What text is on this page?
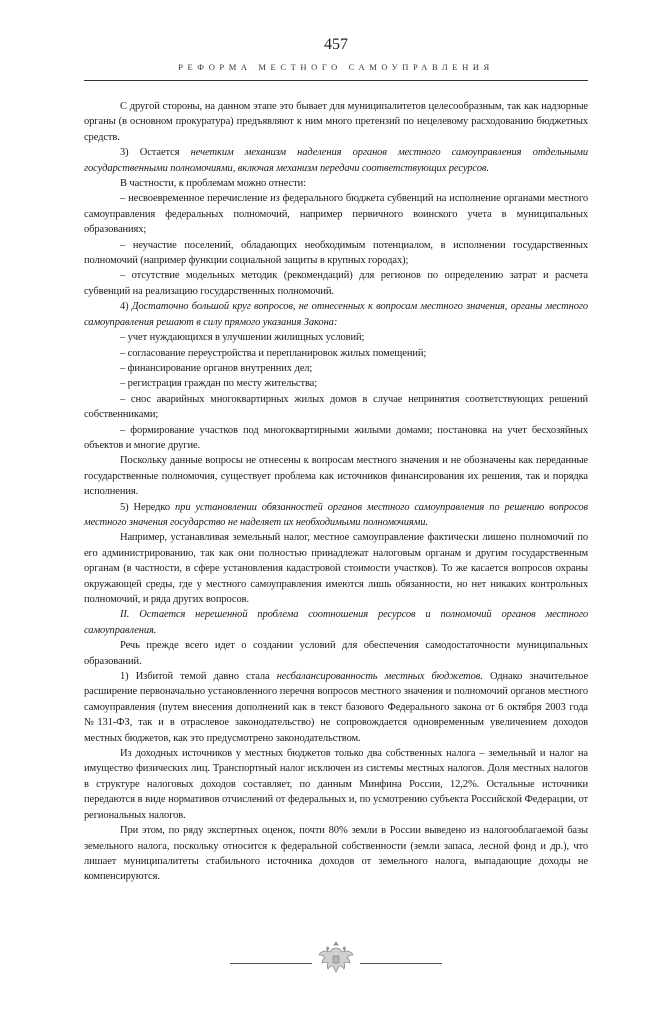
457
РЕФОРМА МЕСТНОГО САМОУПРАВЛЕНИЯ

С другой стороны, на данном этапе это бывает для муниципалитетов целесообразным, так как надзорные органы (в основном прокуратура) предъявляют к ним много претензий по нецелевому расходованию бюджетных средств.

3) Остается нечетким механизм наделения органов местного самоуправления отдельными государственными полномочиями, включая механизм передачи соответствующих ресурсов.

В частности, к проблемам можно отнести:

– несвоевременное перечисление из федерального бюджета субвенций на исполнение органами местного самоуправления федеральных полномочий, например первичного воинского учета в муниципальных образованиях;

– неучастие поселений, обладающих необходимым потенциалом, в исполнении государственных полномочий (например функции социальной защиты в крупных городах);

– отсутствие модельных методик (рекомендаций) для регионов по определению затрат и расчета субвенций на реализацию государственных полномочий.

4) Достаточно большой круг вопросов, не отнесенных к вопросам местного значения, органы местного самоуправления решают в силу прямого указания Закона:

– учет нуждающихся в улучшении жилищных условий;

– согласование переустройства и перепланировок жилых помещений;

– финансирование органов внутренних дел;

– регистрация граждан по месту жительства;

– снос аварийных многоквартирных жилых домов в случае непринятия соответствующих решений собственниками;

– формирование участков под многоквартирными жилыми домами; постановка на учет бесхозяйных объектов и многие другие.

Поскольку данные вопросы не отнесены к вопросам местного значения и не обозначены как переданные государственные полномочия, существует проблема как источников финансирования их решения, так и порядка исполнения.

5) Нередко при установлении обязанностей органов местного самоуправления по решению вопросов местного значения государство не наделяет их необходимыми полномочиями.

Например, устанавливая земельный налог, местное самоуправление фактически лишено полномочий по его администрированию, так как они полностью принадлежат налоговым органам и другим государственным органам (в частности, в сфере установления кадастровой стоимости участков). То же касается вопросов охраны окружающей среды, где у местного самоуправления имеются лишь обязанности, но нет никаких контрольных полномочий, и ряда других вопросов.

II. Остается нерешенной проблема соотношения ресурсов и полномочий органов местного самоуправления.

Речь прежде всего идет о создании условий для обеспечения самодостаточности муниципальных образований.

1) Избитой темой давно стала несбалансированность местных бюджетов. Однако значительное расширение первоначально установленного перечня вопросов местного значения и полномочий органов местного самоуправления (путем внесения дополнений как в текст базового Федерального закона от 6 октября 2003 года №131-ФЗ, так и в отраслевое законодательство) не сопровождается одновременным увеличением доходов местных бюджетов, как это предусмотрено законодательством.

Из доходных источников у местных бюджетов только два собственных налога – земельный и налог на имущество физических лиц. Транспортный налог исключен из системы местных налогов. Доля местных налогов в структуре налоговых доходов составляет, по данным Минфина России, 12,2%. Остальные источники передаются в виде нормативов отчислений от федеральных и, по усмотрению субъекта Российской Федерации, от региональных налогов.

При этом, по ряду экспертных оценок, почти 80% земли в России выведено из налогооблагаемой базы земельного налога, поскольку относится к федеральной собственности (земли запаса, лесной фонд и др.), что лишает муниципалитеты стабильного источника доходов от земельного налога, выпадающие доходы не компенсируются.
